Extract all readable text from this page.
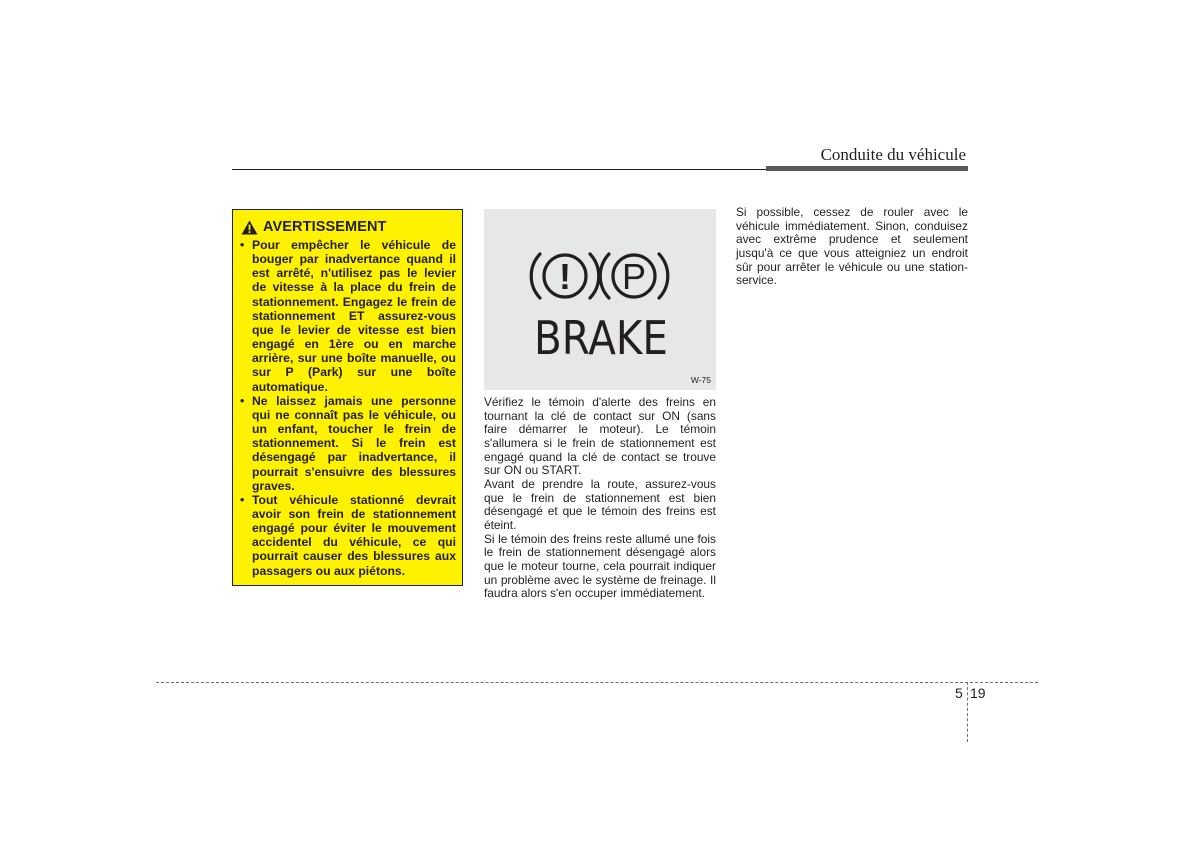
Conduite du véhicule
AVERTISSEMENT
• Pour empêcher le véhicule de bouger par inadvertance quand il est arrêté, n'utilisez pas le levier de vitesse à la place du frein de stationnement. Engagez le frein de stationnement ET assurez-vous que le levier de vitesse est bien engagé en 1ère ou en marche arrière, sur une boîte manuelle, ou sur P (Park) sur une boîte automatique.
• Ne laissez jamais une personne qui ne connaît pas le véhicule, ou un enfant, toucher le frein de stationnement. Si le frein est désengagé par inadvertance, il pourrait s'ensuivre des blessures graves.
• Tout véhicule stationné devrait avoir son frein de stationnement engagé pour éviter le mouvement accidentel du véhicule, ce qui pourrait causer des blessures aux passagers ou aux piétons.
! P
BRAKE
W-75

Vérifiez le témoin d'alerte des freins en tournant la clé de contact sur ON (sans faire démarrer le moteur). Le témoin s'allumera si le frein de stationnement est engagé quand la clé de contact se trouve sur ON ou START.

Avant de prendre la route, assurez-vous que le frein de stationnement est bien désengagé et que le témoin des freins est éteint.

Si le témoin des freins reste allumé une fois le frein de stationnement désengagé alors que le moteur tourne, cela pourrait indiquer un problème avec le système de freinage. Il faudra alors s'en occuper immédiatement.

Si possible, cessez de rouler avec le véhicule immédiatement. Sinon, conduisez avec extrême prudence et seulement jusqu'à ce que vous atteigniez un endroit sûr pour arrêter le véhicule ou une station-service.

5 19
